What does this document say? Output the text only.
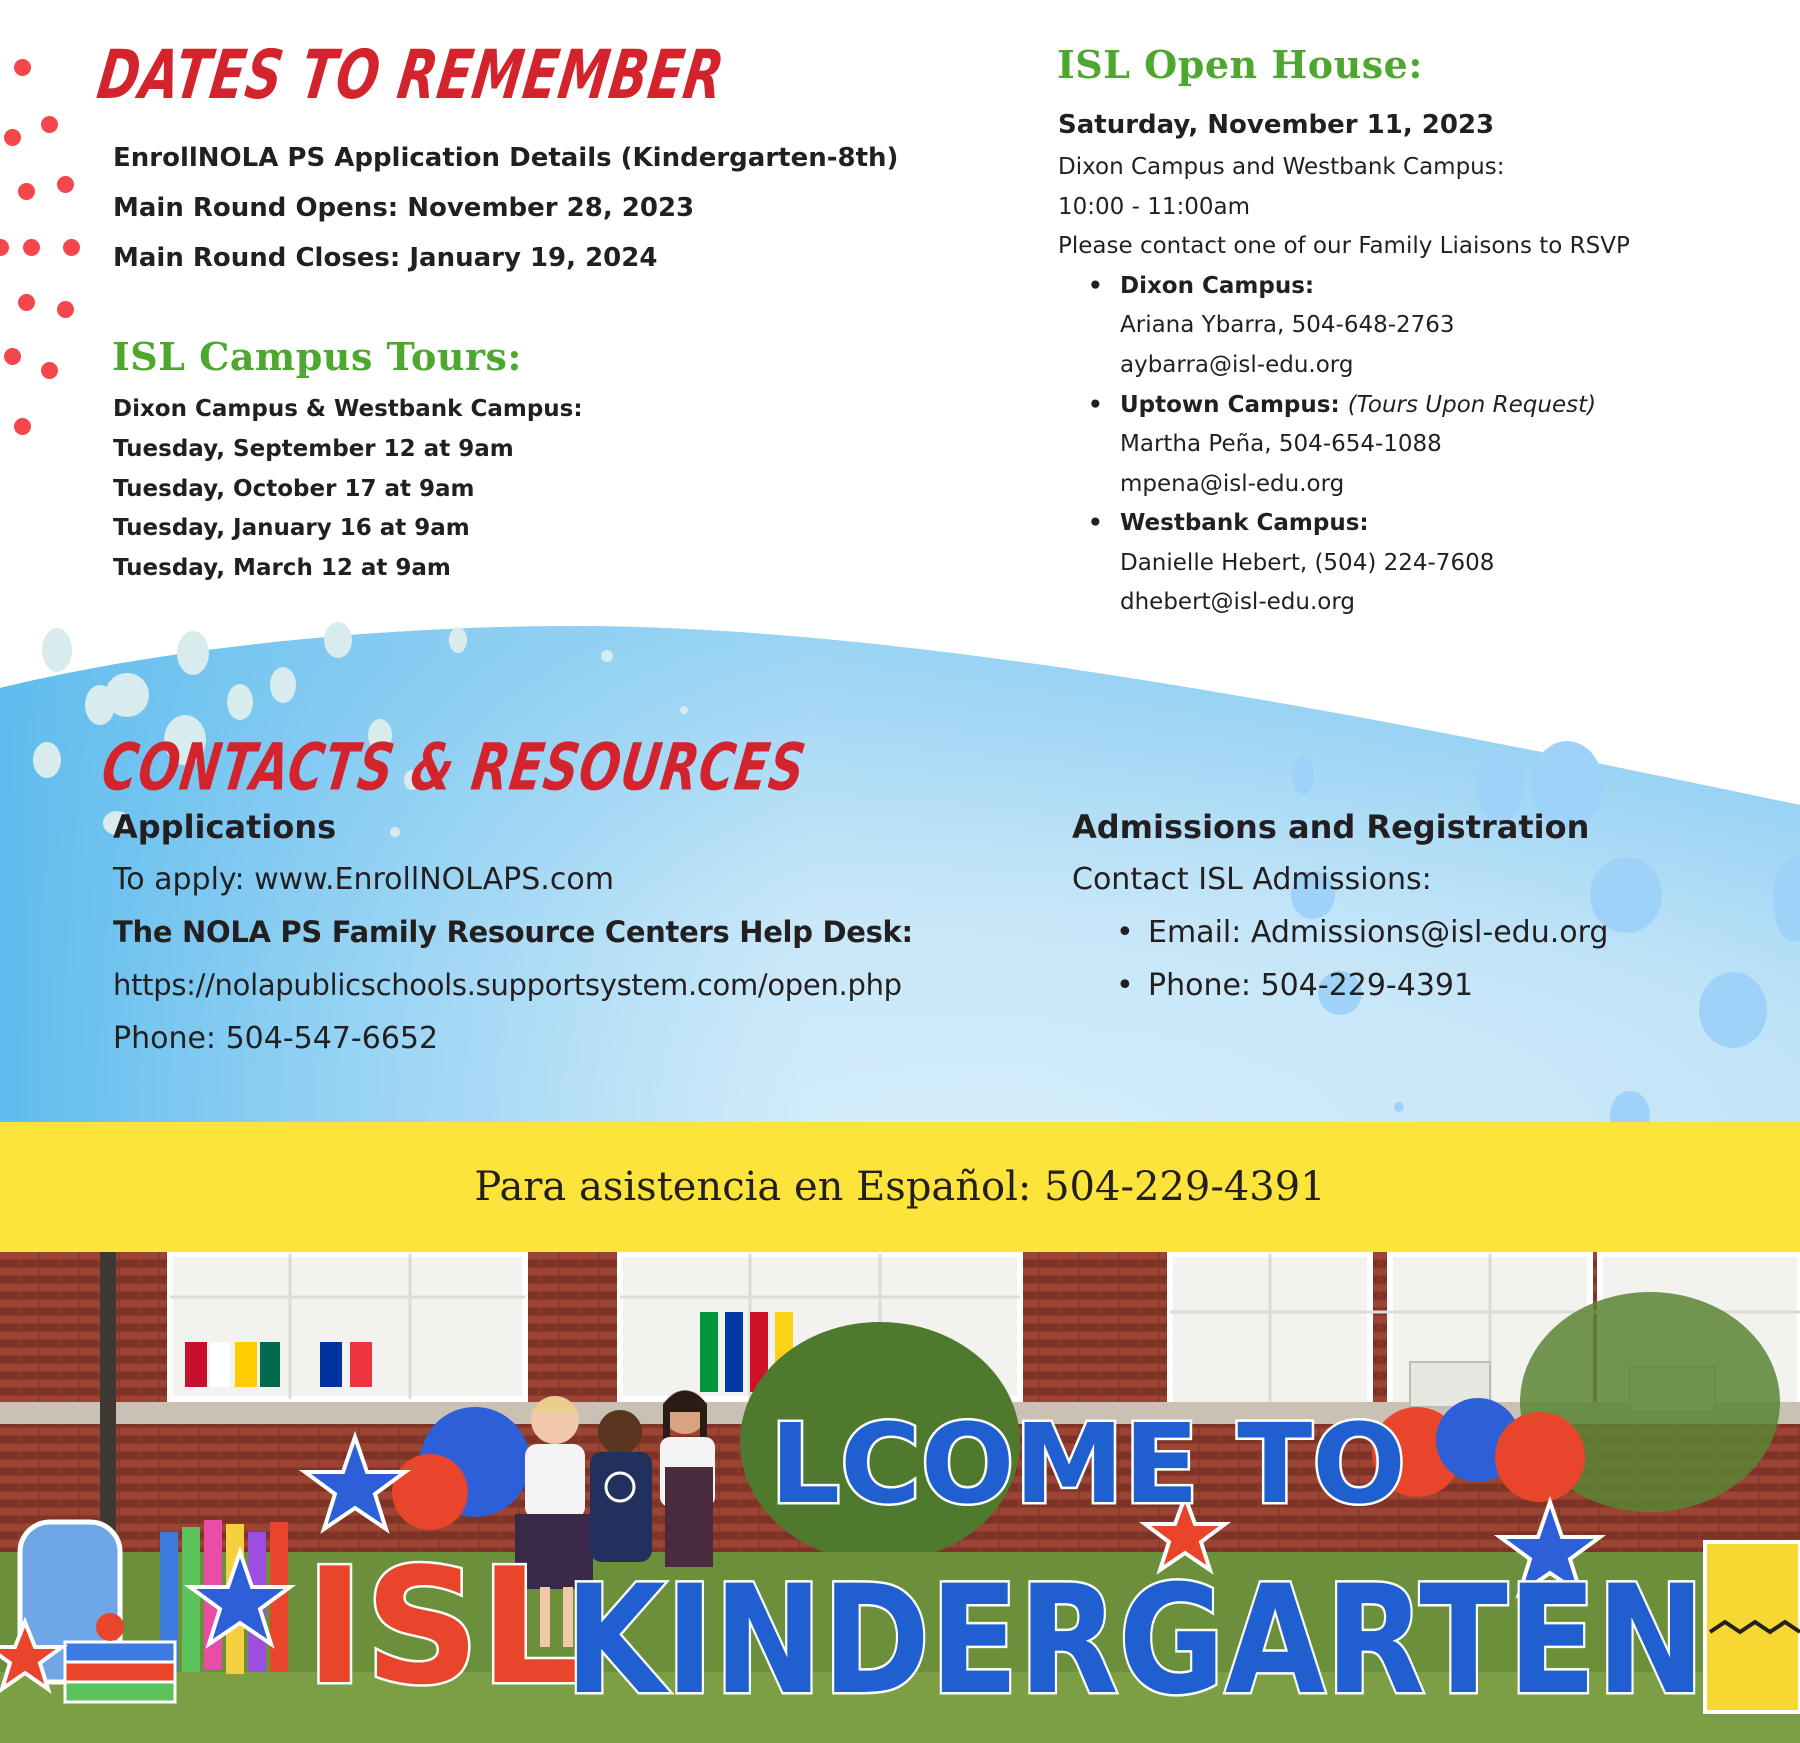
DATES TO REMEMBER
EnrollNOLA PS Application Details (Kindergarten-8th)
Main Round Opens: November 28, 2023
Main Round Closes: January 19, 2024
ISL Campus Tours:
Dixon Campus & Westbank Campus:
Tuesday, September 12 at 9am
Tuesday, October 17 at 9am
Tuesday, January 16 at 9am
Tuesday, March 12 at 9am
ISL Open House:
Saturday, November 11, 2023
Dixon Campus and Westbank Campus:
10:00 - 11:00am
Please contact one of our Family Liaisons to RSVP
• Dixon Campus:
Ariana Ybarra, 504-648-2763
aybarra@isl-edu.org
• Uptown Campus: (Tours Upon Request)
Martha Peña, 504-654-1088
mpena@isl-edu.org
• Westbank Campus:
Danielle Hebert, (504) 224-7608
dhebert@isl-edu.org
CONTACTS & RESOURCES
Applications
To apply: www.EnrollNOLAPS.com
The NOLA PS Family Resource Centers Help Desk:
https://nolapublicschools.supportsystem.com/open.php
Phone: 504-547-6652
Admissions and Registration
Contact ISL Admissions:
• Email: Admissions@isl-edu.org
• Phone: 504-229-4391
Para asistencia en Español: 504-229-4391
ISL
LCOME TO
KINDERGARTEN
